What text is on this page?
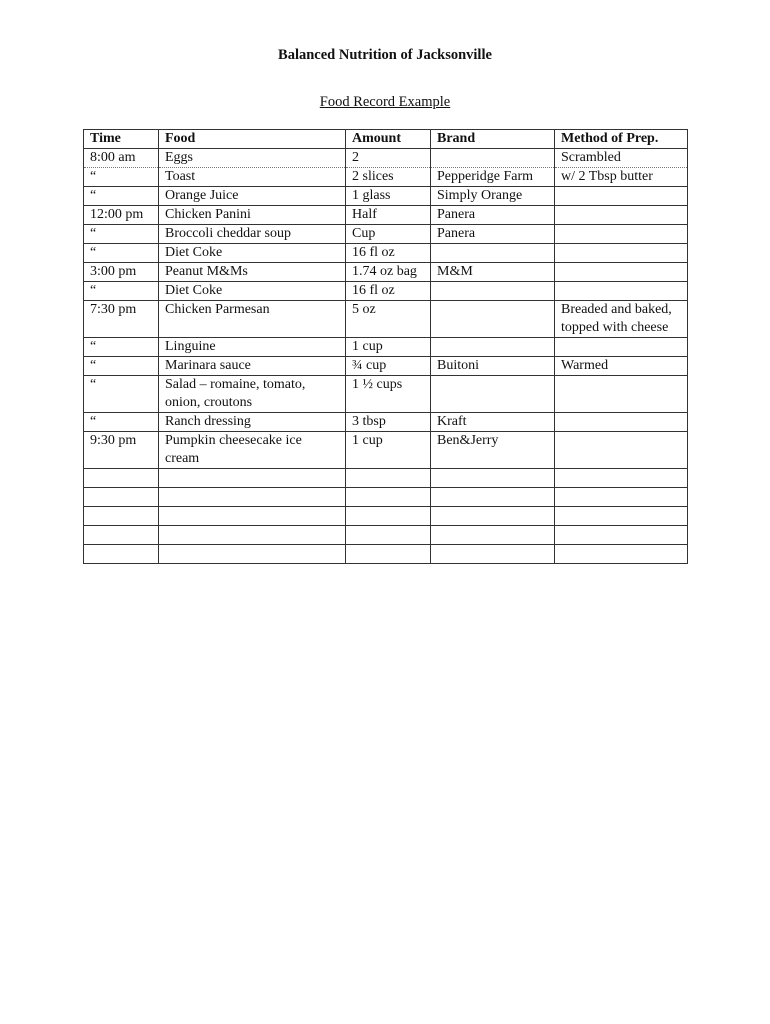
Balanced Nutrition of Jacksonville
Food Record Example
Time	Food	Amount	Brand	Method of Prep.
8:00 am	Eggs	2		Scrambled
“	Toast	2 slices	Pepperidge Farm	w/ 2 Tbsp butter
“	Orange Juice	1 glass	Simply Orange	
12:00 pm	Chicken Panini	Half	Panera	
“	Broccoli cheddar soup	Cup	Panera	
“	Diet Coke	16 fl oz		
3:00 pm	Peanut M&Ms	1.74 oz bag	M&M	
“	Diet Coke	16 fl oz		
7:30 pm	Chicken Parmesan	5 oz		Breaded and baked, topped with cheese
“	Linguine	1 cup		
“	Marinara sauce	¾ cup	Buitoni	Warmed
“	Salad – romaine, tomato, onion, croutons	1 ½ cups		
“	Ranch dressing	3 tbsp	Kraft	
9:30 pm	Pumpkin cheesecake ice cream	1 cup	Ben&Jerry	
